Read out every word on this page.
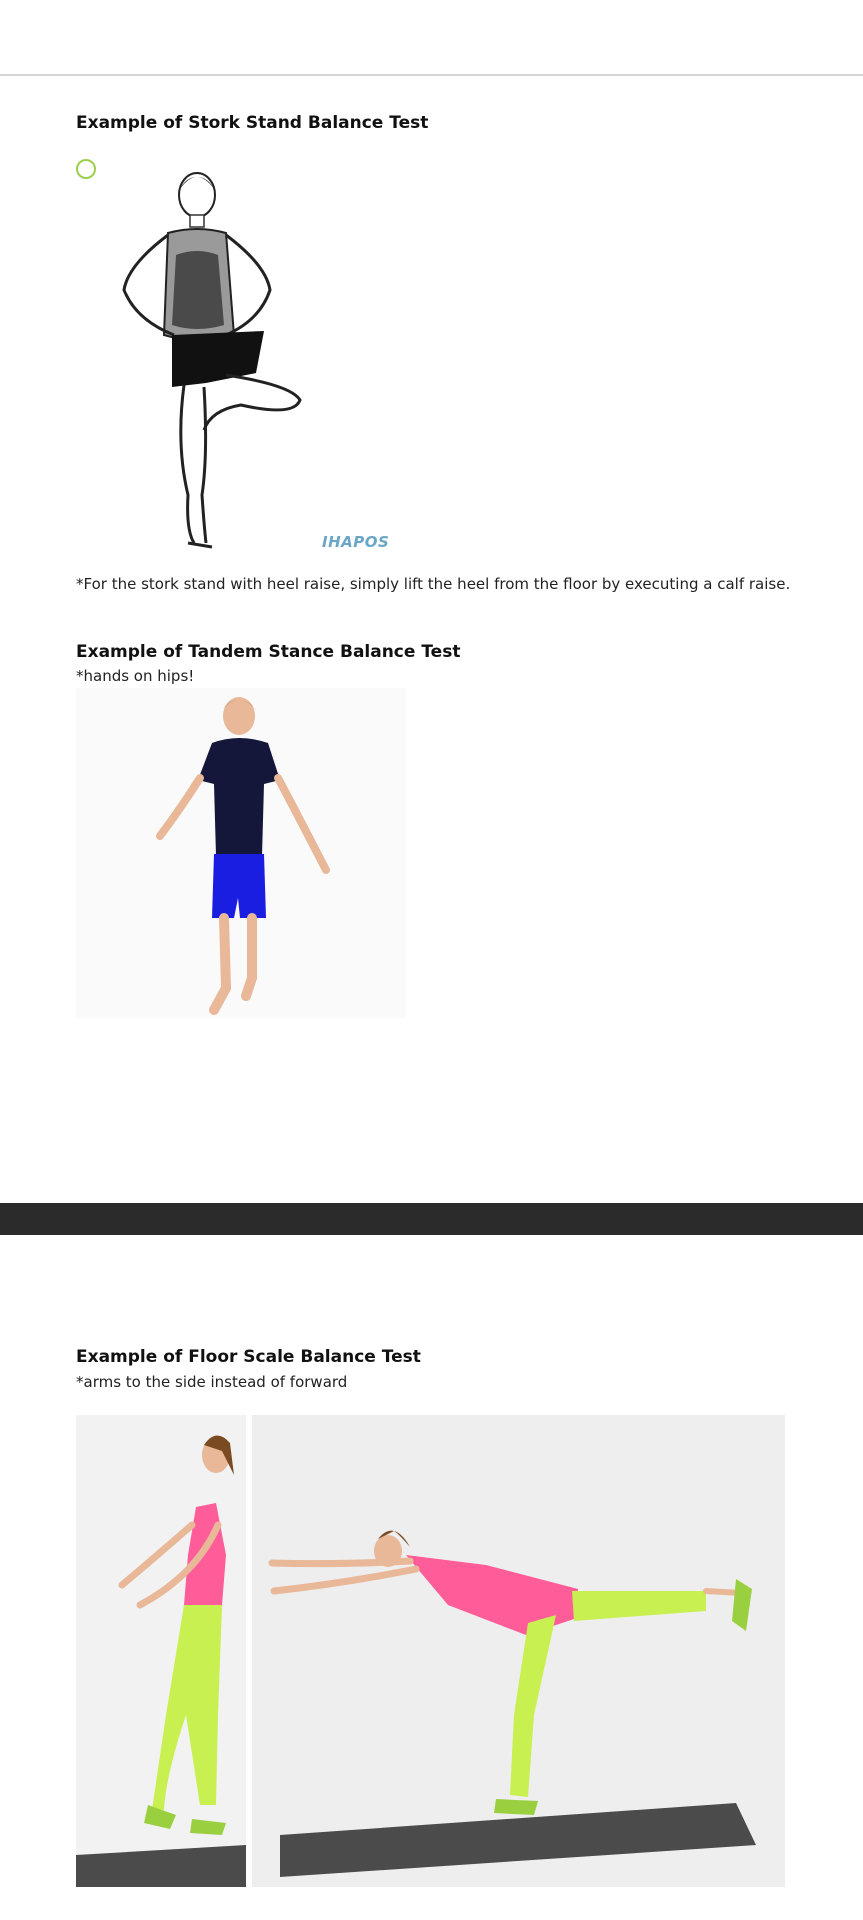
Example of Stork Stand Balance Test
IHAPOS
*For the stork stand with heel raise, simply lift the heel from the floor by executing a calf raise.
Example of Tandem Stance Balance Test
*hands on hips!
Example of Floor Scale Balance Test
*arms to the side instead of forward
